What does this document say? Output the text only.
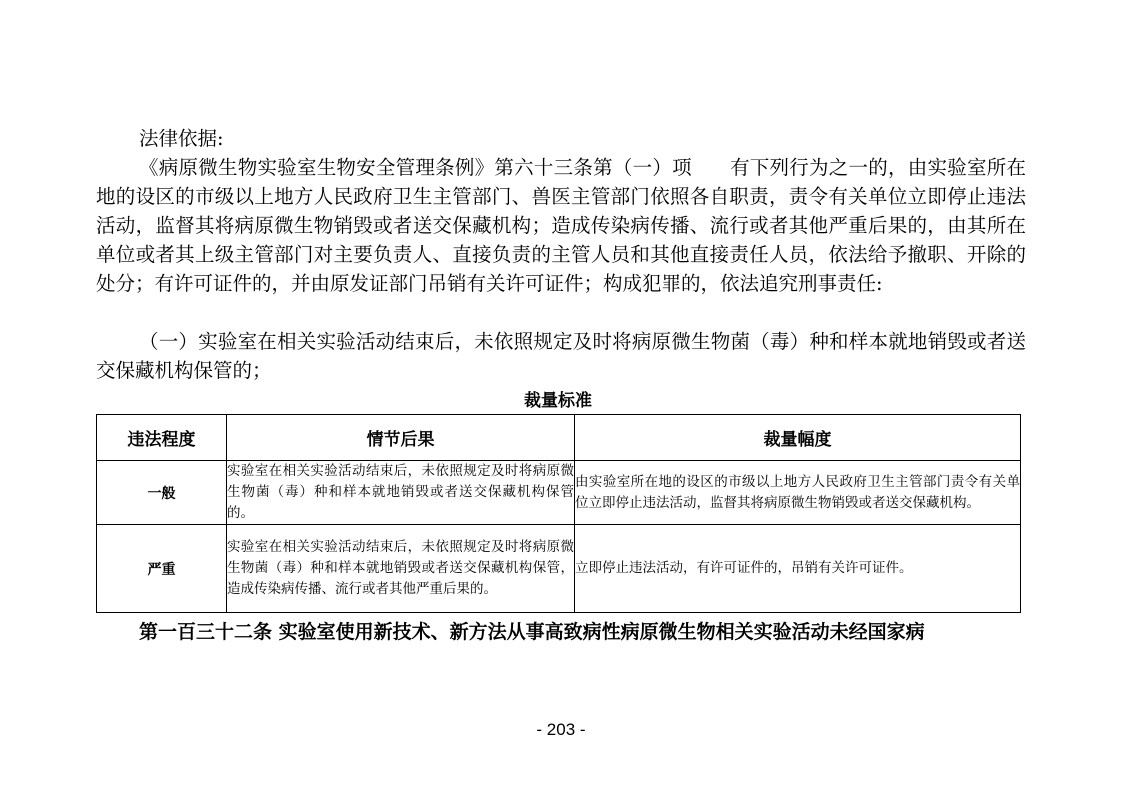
法律依据:

《病原微生物实验室生物安全管理条例》第六十三条第（一）项 有下列行为之一的，由实验室所在地的设区的市级以上地方人民政府卫生主管部门、兽医主管部门依照各自职责，责令有关单位立即停止违法活动，监督其将病原微生物销毁或者送交保藏机构；造成传染病传播、流行或者其他严重后果的，由其所在单位或者其上级主管部门对主要负责人、直接负责的主管人员和其他直接责任人员，依法给予撤职、开除的处分；有许可证件的，并由原发证部门吊销有关许可证件；构成犯罪的，依法追究刑事责任:

（一）实验室在相关实验活动结束后，未依照规定及时将病原微生物菌（毒）种和样本就地销毁或者送交保藏机构保管的；

裁量标准
违法程度	情节后果	裁量幅度
一般	实验室在相关实验活动结束后，未依照规定及时将病原微生物菌（毒）种和样本就地销毁或者送交保藏机构保管的。	由实验室所在地的设区的市级以上地方人民政府卫生主管部门责令有关单位立即停止违法活动，监督其将病原微生物销毁或者送交保藏机构。
严重	实验室在相关实验活动结束后，未依照规定及时将病原微生物菌（毒）种和样本就地销毁或者送交保藏机构保管，造成传染病传播、流行或者其他严重后果的。	立即停止违法活动，有许可证件的，吊销有关许可证件。

第一百三十二条 实验室使用新技术、新方法从事高致病性病原微生物相关实验活动未经国家病

- 203 -
